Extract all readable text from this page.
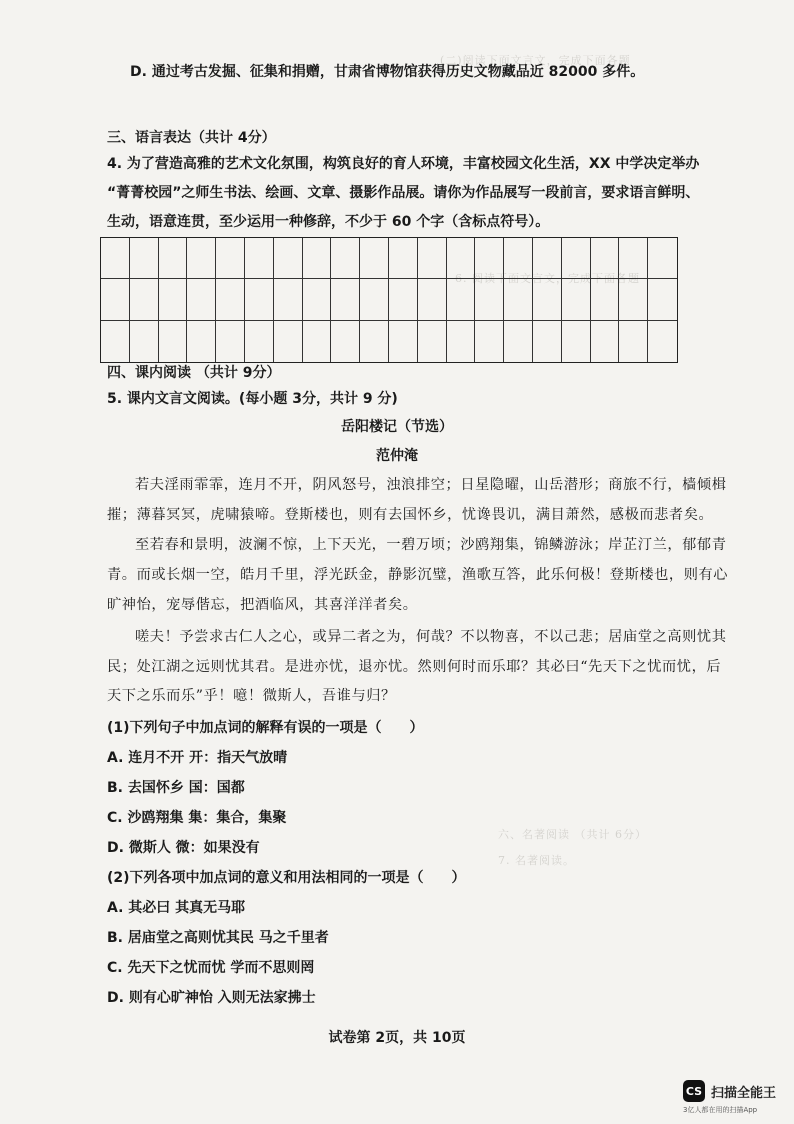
(二)阅读下面文言文，完成下面各题
6. 阅读下面文言文，完成下面各题
六、名著阅读 （共计 6分）
7. 名著阅读。
D. 通过考古发掘、征集和捐赠，甘肃省博物馆获得历史文物藏品近 82000 多件。
三、语言表达（共计 4分）
4. 为了营造高雅的艺术文化氛围，构筑良好的育人环境，丰富校园文化生活，XX 中学决定举办
“菁菁校园”之师生书法、绘画、文章、摄影作品展。请你为作品展写一段前言，要求语言鲜明、
生动，语意连贯，至少运用一种修辞，不少于 60 个字（含标点符号）。
四、课内阅读 （共计 9分）
5. 课内文言文阅读。(每小题 3分，共计 9 分)
岳阳楼记（节选）
范仲淹
若夫淫雨霏霏，连月不开，阴风怒号，浊浪排空；日星隐曜，山岳潜形；商旅不行，樯倾楫
摧；薄暮冥冥，虎啸猿啼。登斯楼也，则有去国怀乡，忧谗畏讥，满目萧然，感极而悲者矣。
至若春和景明，波澜不惊，上下天光，一碧万顷；沙鸥翔集，锦鳞游泳；岸芷汀兰，郁郁青
青。而或长烟一空，皓月千里，浮光跃金，静影沉璧，渔歌互答，此乐何极！登斯楼也，则有心
旷神怡，宠辱偕忘，把酒临风，其喜洋洋者矣。
嗟夫！予尝求古仁人之心，或异二者之为，何哉？不以物喜，不以己悲；居庙堂之高则忧其
民；处江湖之远则忧其君。是进亦忧，退亦忧。然则何时而乐耶？其必曰“先天下之忧而忧，后
天下之乐而乐”乎！噫！微斯人，吾谁与归？
(1)下列句子中加点词的解释有误的一项是（　　）
A. 连月不开 开：指天气放晴
B. 去国怀乡 国：国都
C. 沙鸥翔集 集：集合，集聚
D. 微斯人 微：如果没有
(2)下列各项中加点词的意义和用法相同的一项是（　　）
A. 其必曰 其真无马耶
B. 居庙堂之高则忧其民 马之千里者
C. 先天下之忧而忧 学而不思则罔
D. 则有心旷神怡 入则无法家拂士
试卷第 2页，共 10页
CS 扫描全能王
3亿人都在用的扫描App
